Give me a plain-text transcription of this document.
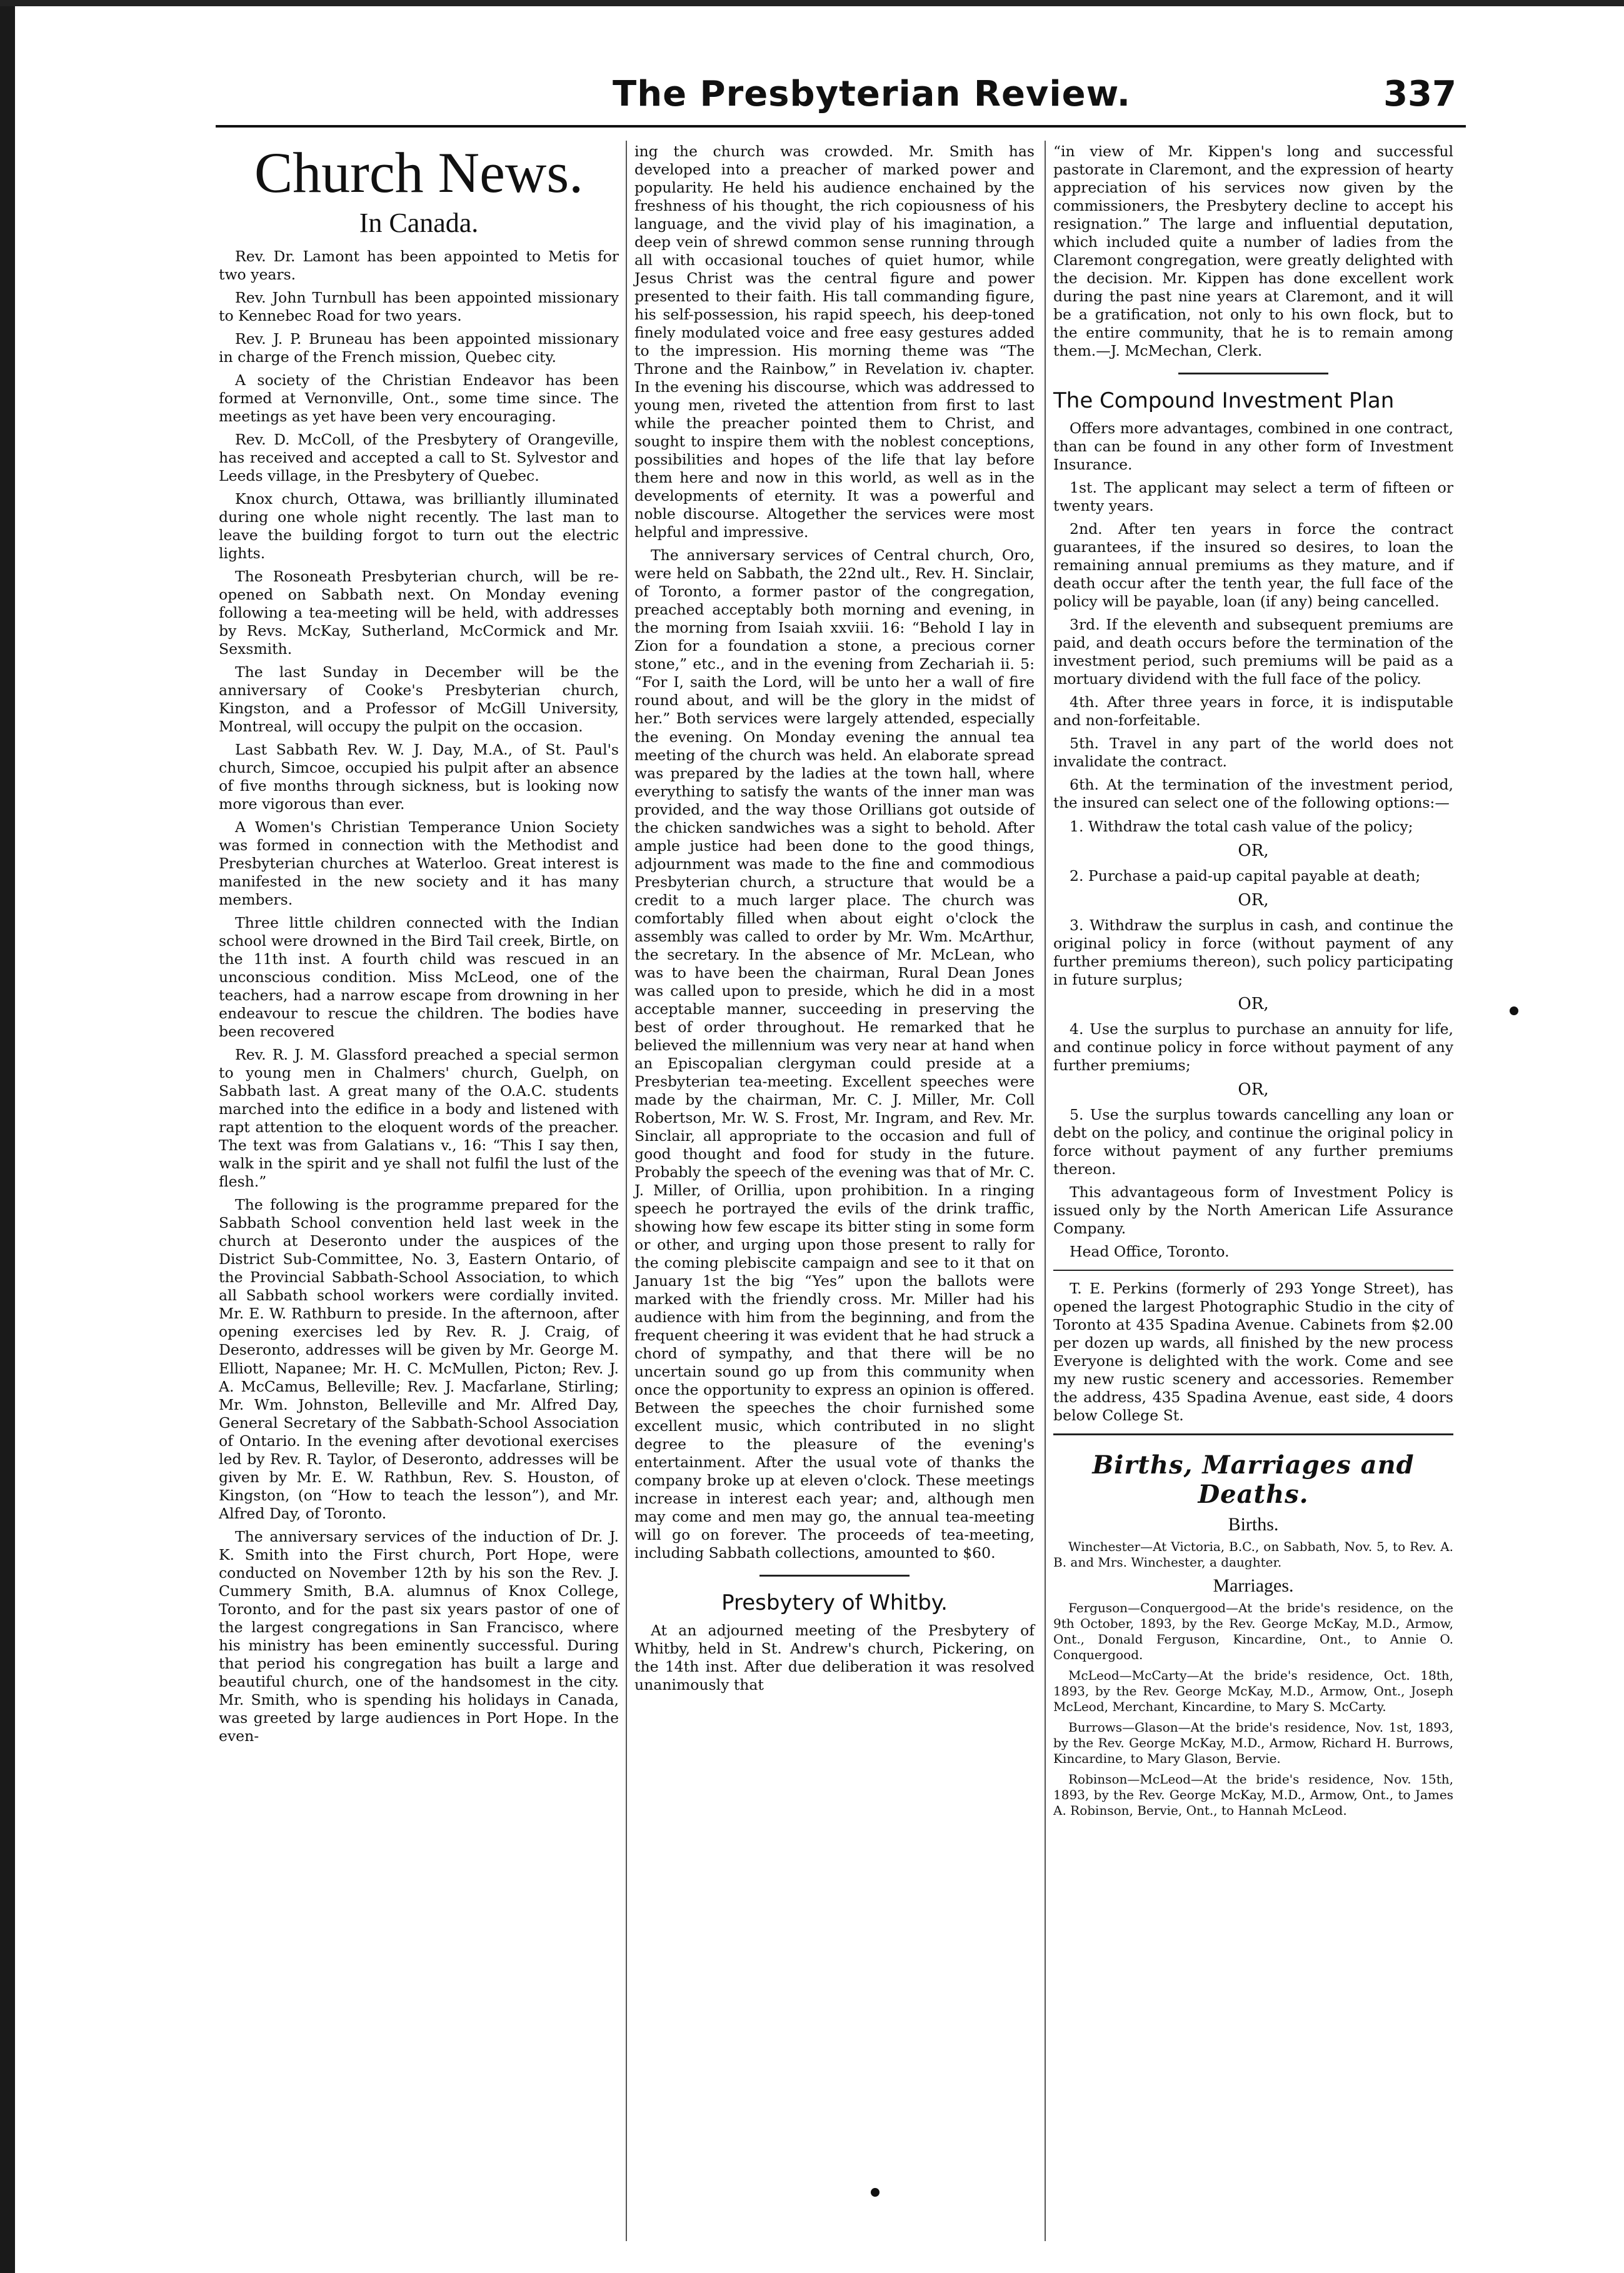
The Presbyterian Review.	337
Church News.
In Canada.

Rev. Dr. Lamont has been appointed to Metis for two years.

Rev. John Turnbull has been appointed missionary to Kennebec Road for two years.

Rev. J. P. Bruneau has been appointed missionary in charge of the French mission, Quebec city.

A society of the Christian Endeavor has been formed at Vernonville, Ont., some time since. The meetings as yet have been very encouraging.

Rev. D. McColl, of the Presbytery of Orangeville, has received and accepted a call to St. Sylvestor and Leeds village, in the Presbytery of Quebec.

Knox church, Ottawa, was brilliantly illuminated during one whole night recently. The last man to leave the building forgot to turn out the electric lights.

The Rosoneath Presbyterian church, will be re-opened on Sabbath next. On Monday evening following a tea-meeting will be held, with addresses by Revs. McKay, Sutherland, McCormick and Mr. Sexsmith.

The last Sunday in December will be the anniversary of Cooke's Presbyterian church, Kingston, and a Professor of McGill University, Montreal, will occupy the pulpit on the occasion.

Last Sabbath Rev. W. J. Day, M.A., of St. Paul's church, Simcoe, occupied his pulpit after an absence of five months through sickness, but is looking now more vigorous than ever.

A Women's Christian Temperance Union Society was formed in connection with the Methodist and Presbyterian churches at Waterloo. Great interest is manifested in the new society and it has many members.

Three little children connected with the Indian school were drowned in the Bird Tail creek, Birtle, on the 11th inst. A fourth child was rescued in an unconscious condition. Miss McLeod, one of the teachers, had a narrow escape from drowning in her endeavour to rescue the children. The bodies have been recovered

Rev. R. J. M. Glassford preached a special sermon to young men in Chalmers' church, Guelph, on Sabbath last. A great many of the O.A.C. students marched into the edifice in a body and listened with rapt attention to the eloquent words of the preacher. The text was from Galatians v., 16: “This I say then, walk in the spirit and ye shall not fulfil the lust of the flesh.”

The following is the programme prepared for the Sabbath School convention held last week in the church at Deseronto under the auspices of the District Sub-Committee, No. 3, Eastern Ontario, of the Provincial Sabbath-School Association, to which all Sabbath school workers were cordially invited. Mr. E. W. Rathburn to preside. In the afternoon, after opening exercises led by Rev. R. J. Craig, of Deseronto, addresses will be given by Mr. George M. Elliott, Napanee; Mr. H. C. McMullen, Picton; Rev. J. A. McCamus, Belleville; Rev. J. Macfarlane, Stirling; Mr. Wm. Johnston, Belleville and Mr. Alfred Day, General Secretary of the Sabbath-School Association of Ontario. In the evening after devotional exercises led by Rev. R. Taylor, of Deseronto, addresses will be given by Mr. E. W. Rathbun, Rev. S. Houston, of Kingston, (on “How to teach the lesson”), and Mr. Alfred Day, of Toronto.

The anniversary services of the induction of Dr. J. K. Smith into the First church, Port Hope, were conducted on November 12th by his son the Rev. J. Cummery Smith, B.A. alumnus of Knox College, Toronto, and for the past six years pastor of one of the largest congregations in San Francisco, where his ministry has been eminently successful. During that period his congregation has built a large and beautiful church, one of the handsomest in the city. Mr. Smith, who is spending his holidays in Canada, was greeted by large audiences in Port Hope. In the even-

ing the church was crowded. Mr. Smith has developed into a preacher of marked power and popularity. He held his audience enchained by the freshness of his thought, the rich copiousness of his language, and the vivid play of his imagination, a deep vein of shrewd common sense running through all with occasional touches of quiet humor, while Jesus Christ was the central figure and power presented to their faith. His tall commanding figure, his self-possession, his rapid speech, his deep-toned finely modulated voice and free easy gestures added to the impression. His morning theme was “The Throne and the Rainbow,” in Revelation iv. chapter. In the evening his discourse, which was addressed to young men, riveted the attention from first to last while the preacher pointed them to Christ, and sought to inspire them with the noblest conceptions, possibilities and hopes of the life that lay before them here and now in this world, as well as in the developments of eternity. It was a powerful and noble discourse. Altogether the services were most helpful and impressive.

The anniversary services of Central church, Oro, were held on Sabbath, the 22nd ult., Rev. H. Sinclair, of Toronto, a former pastor of the congregation, preached acceptably both morning and evening, in the morning from Isaiah xxviii. 16: “Behold I lay in Zion for a foundation a stone, a precious corner stone,” etc., and in the evening from Zechariah ii. 5: “For I, saith the Lord, will be unto her a wall of fire round about, and will be the glory in the midst of her.” Both services were largely attended, especially the evening. On Monday evening the annual tea meeting of the church was held. An elaborate spread was prepared by the ladies at the town hall, where everything to satisfy the wants of the inner man was provided, and the way those Orillians got outside of the chicken sandwiches was a sight to behold. After ample justice had been done to the good things, adjournment was made to the fine and commodious Presbyterian church, a structure that would be a credit to a much larger place. The church was comfortably filled when about eight o'clock the assembly was called to order by Mr. Wm. McArthur, the secretary. In the absence of Mr. McLean, who was to have been the chairman, Rural Dean Jones was called upon to preside, which he did in a most acceptable manner, succeeding in preserving the best of order throughout. He remarked that he believed the millennium was very near at hand when an Episcopalian clergyman could preside at a Presbyterian tea-meeting. Excellent speeches were made by the chairman, Mr. C. J. Miller, Mr. Coll Robertson, Mr. W. S. Frost, Mr. Ingram, and Rev. Mr. Sinclair, all appropriate to the occasion and full of good thought and food for study in the future. Probably the speech of the evening was that of Mr. C. J. Miller, of Orillia, upon prohibition. In a ringing speech he portrayed the evils of the drink traffic, showing how few escape its bitter sting in some form or other, and urging upon those present to rally for the coming plebiscite campaign and see to it that on January 1st the big “Yes” upon the ballots were marked with the friendly cross. Mr. Miller had his audience with him from the beginning, and from the frequent cheering it was evident that he had struck a chord of sympathy, and that there will be no uncertain sound go up from this community when once the opportunity to express an opinion is offered. Between the speeches the choir furnished some excellent music, which contributed in no slight degree to the pleasure of the evening's entertainment. After the usual vote of thanks the company broke up at eleven o'clock. These meetings increase in interest each year; and, although men may come and men may go, the annual tea-meeting will go on forever. The proceeds of tea-meeting, including Sabbath collections, amounted to $60.

Presbytery of Whitby.

At an adjourned meeting of the Presbytery of Whitby, held in St. Andrew's church, Pickering, on the 14th inst. After due deliberation it was resolved unanimously that

“in view of Mr. Kippen's long and successful pastorate in Claremont, and the expression of hearty appreciation of his services now given by the commissioners, the Presbytery decline to accept his resignation.” The large and influential deputation, which included quite a number of ladies from the Claremont congregation, were greatly delighted with the decision. Mr. Kippen has done excellent work during the past nine years at Claremont, and it will be a gratification, not only to his own flock, but to the entire community, that he is to remain among them.—J. McMechan, Clerk.

The Compound Investment Plan

Offers more advantages, combined in one contract, than can be found in any other form of Investment Insurance.

1st. The applicant may select a term of fifteen or twenty years.

2nd. After ten years in force the contract guarantees, if the insured so desires, to loan the remaining annual premiums as they mature, and if death occur after the tenth year, the full face of the policy will be payable, loan (if any) being cancelled.

3rd. If the eleventh and subsequent premiums are paid, and death occurs before the termination of the investment period, such premiums will be paid as a mortuary dividend with the full face of the policy.

4th. After three years in force, it is indisputable and non-forfeitable.

5th. Travel in any part of the world does not invalidate the contract.

6th. At the termination of the investment period, the insured can select one of the following options:—

1. Withdraw the total cash value of the policy;

OR,

2. Purchase a paid-up capital payable at death;

OR,

3. Withdraw the surplus in cash, and continue the original policy in force (without payment of any further premiums thereon), such policy participating in future surplus;

OR,

4. Use the surplus to purchase an annuity for life, and continue policy in force without payment of any further premiums;

OR,

5. Use the surplus towards cancelling any loan or debt on the policy, and continue the original policy in force without payment of any further premiums thereon.

This advantageous form of Investment Policy is issued only by the North American Life Assurance Company.

Head Office, Toronto.

T. E. Perkins (formerly of 293 Yonge Street), has opened the largest Photographic Studio in the city of Toronto at 435 Spadina Avenue. Cabinets from $2.00 per dozen up wards, all finished by the new process Everyone is delighted with the work. Come and see my new rustic scenery and accessories. Remember the address, 435 Spadina Avenue, east side, 4 doors below College St.

Births, Marriages and Deaths.
Births.

Winchester—At Victoria, B.C., on Sabbath, Nov. 5, to Rev. A. B. and Mrs. Winchester, a daughter.

Marriages.

Ferguson—Conquergood—At the bride's residence, on the 9th October, 1893, by the Rev. George McKay, M.D., Armow, Ont., Donald Ferguson, Kincardine, Ont., to Annie O. Conquergood.

McLeod—McCarty—At the bride's residence, Oct. 18th, 1893, by the Rev. George McKay, M.D., Armow, Ont., Joseph McLeod, Merchant, Kincardine, to Mary S. McCarty.

Burrows—Glason—At the bride's residence, Nov. 1st, 1893, by the Rev. George McKay, M.D., Armow, Richard H. Burrows, Kincardine, to Mary Glason, Bervie.

Robinson—McLeod—At the bride's residence, Nov. 15th, 1893, by the Rev. George McKay, M.D., Armow, Ont., to James A. Robinson, Bervie, Ont., to Hannah McLeod.
